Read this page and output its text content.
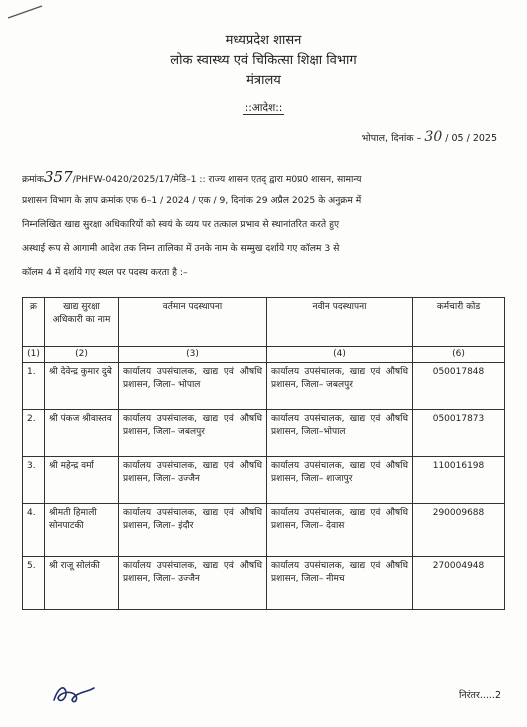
मध्यप्रदेश शासन
लोक स्वास्थ्य एवं चिकित्सा शिक्षा विभाग
मंत्रालय
::आदेश::
भोपाल, दिनांक – 30 / 05 / 2025
क्रमांक357/PHFW-0420/2025/17/मेडि–1 :: राज्य शासन एतद् द्वारा म0प्र0 शासन, सामान्य
प्रशासन विभाग के ज्ञाप क्रमांक एफ 6–1 / 2024 / एक / 9, दिनांक 29 अप्रैल 2025 के अनुक्रम में
निम्नलिखित खाद्य सुरक्षा अधिकारियों को स्वयं के व्यय पर तत्काल प्रभाव से स्थानांतरित करते हुए
अस्थाई रूप से आगामी आदेश तक निम्न तालिका में उनके नाम के सम्मुख दर्शाये गए कॉलम 3 से
कॉलम 4 में दर्शाये गए स्थल पर पदस्थ करता है :–
क्र	खाद्य सुरक्षा अधिकारी का नाम	वर्तमान पदस्थापना	नवीन पदस्थापना	कर्मचारी कोड
(1)	(2)	(3)	(4)	(6)
1.	श्री देवेन्द्र कुमार दुबे	कार्यालय उपसंचालक, खाद्य एवं औषधि प्रशासन, जिला– भोपाल	कार्यालय उपसंचालक, खाद्य एवं औषधि प्रशासन, जिला– जबलपुर	050017848
2.	श्री पंकज श्रीवास्तव	कार्यालय उपसंचालक, खाद्य एवं औषधि प्रशासन, जिला– जबलपुर	कार्यालय उपसंचालक, खाद्य एवं औषधि प्रशासन, जिला–भोपाल	050017873
3.	श्री महेन्द्र वर्मा	कार्यालय उपसंचालक, खाद्य एवं औषधि प्रशासन, जिला– उज्जैन	कार्यालय उपसंचालक, खाद्य एवं औषधि प्रशासन, जिला– शाजापुर	110016198
4.	श्रीमती हिमाली सोनपाटकी	कार्यालय उपसंचालक, खाद्य एवं औषधि प्रशासन, जिला– इंदौर	कार्यालय उपसंचालक, खाद्य एवं औषधि प्रशासन, जिला– देवास	290009688
5.	श्री राजू सोलंकी	कार्यालय उपसंचालक, खाद्य एवं औषधि प्रशासन, जिला– उज्जैन	कार्यालय उपसंचालक, खाद्य एवं औषधि प्रशासन, जिला– नीमच	270004948
निरंतर.....2
